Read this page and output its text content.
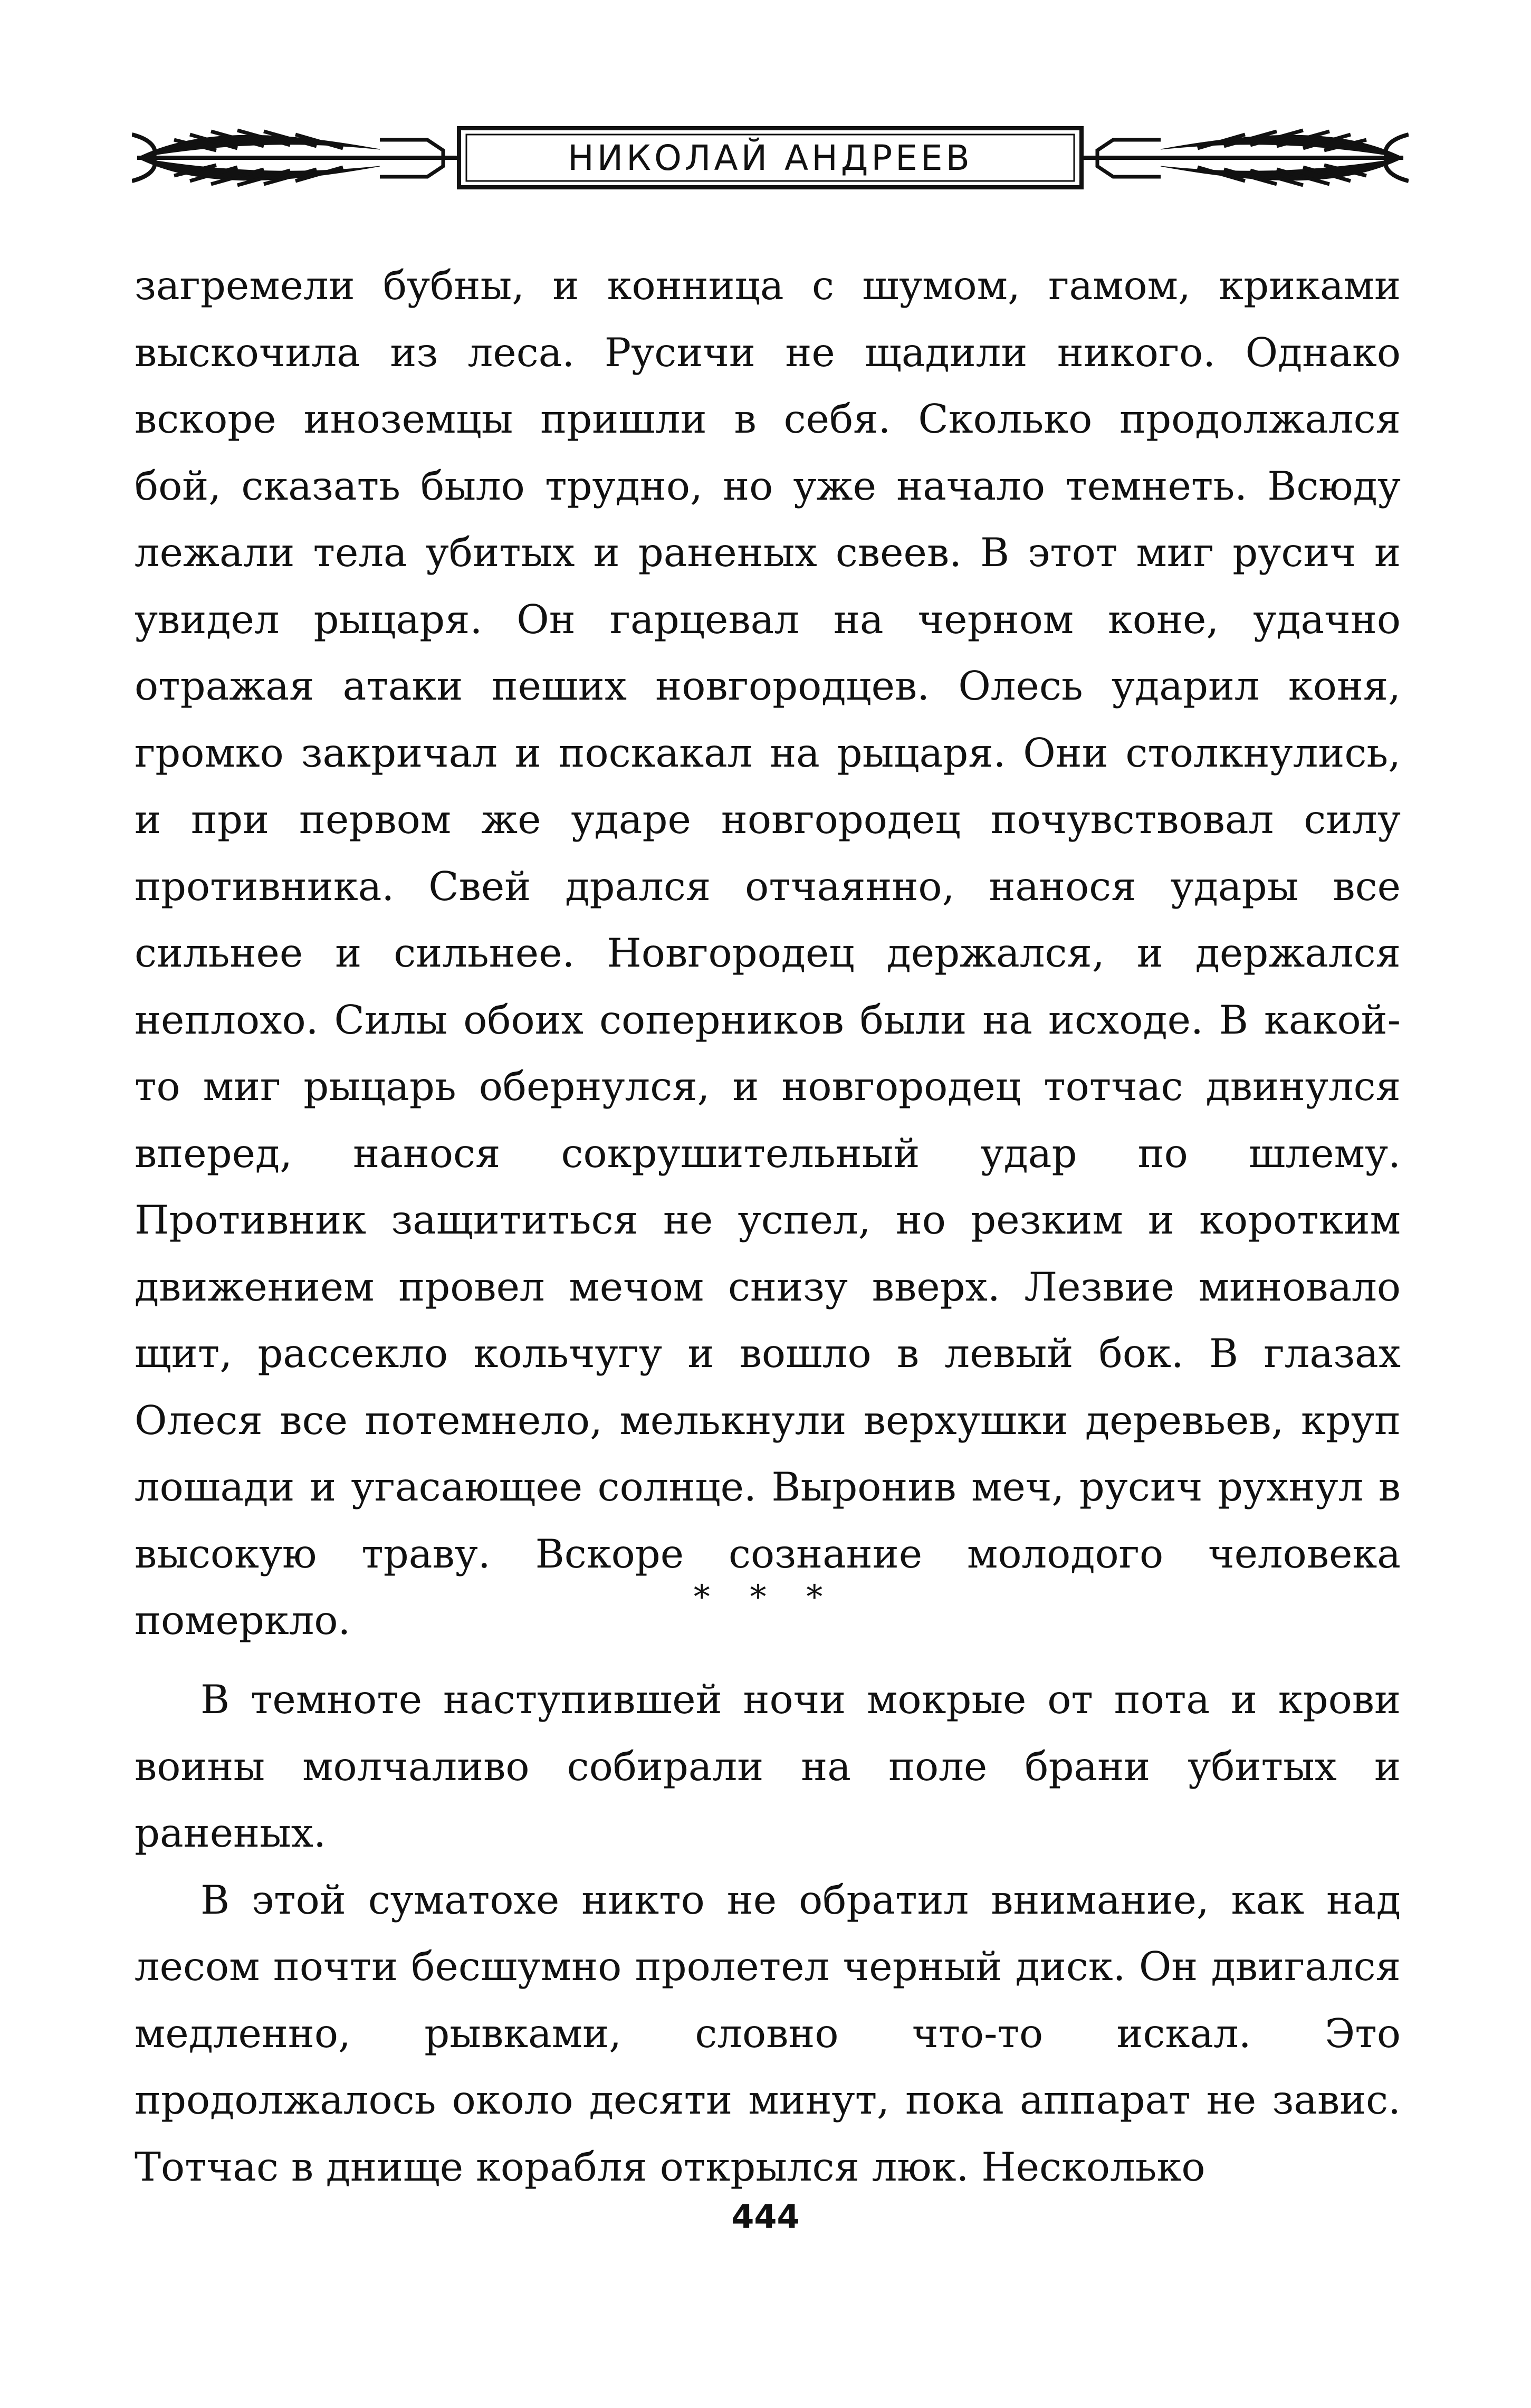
НИКОЛАЙ АНДРЕЕВ

загремели бубны, и конница с шумом, гамом, криками выскочила из леса. Русичи не щадили никого. Однако вскоре иноземцы пришли в себя. Сколько продолжался бой, сказать было трудно, но уже начало темнеть. Всюду лежали тела убитых и раненых свеев. В этот миг русич и увидел рыцаря. Он гарцевал на черном коне, удачно отражая атаки пеших новгородцев. Олесь ударил коня, громко закричал и поскакал на рыцаря. Они столкнулись, и при первом же ударе новгородец почувствовал силу противника. Свей дрался отчаянно, нанося удары все сильнее и сильнее. Новгородец держался, и держался неплохо. Силы обоих соперников были на исходе. В какой-то миг рыцарь обернулся, и новгородец тотчас двинулся вперед, нанося сокрушительный удар по шлему. Противник защититься не успел, но резким и коротким движением провел мечом снизу вверх. Лезвие миновало щит, рассекло кольчугу и вошло в левый бок. В глазах Олеся все потемнело, мелькнули верхушки деревьев, круп лошади и угасающее солнце. Выронив меч, русич рухнул в высокую траву. Вскоре сознание молодого человека померкло.

* * *

В темноте наступившей ночи мокрые от пота и крови воины молчаливо собирали на поле брани убитых и раненых.

В этой суматохе никто не обратил внимание, как над лесом почти бесшумно пролетел черный диск. Он двигался медленно, рывками, словно что-то искал. Это продолжалось около десяти минут, пока аппарат не завис. Тотчас в днище корабля открылся люк. Несколько

444
